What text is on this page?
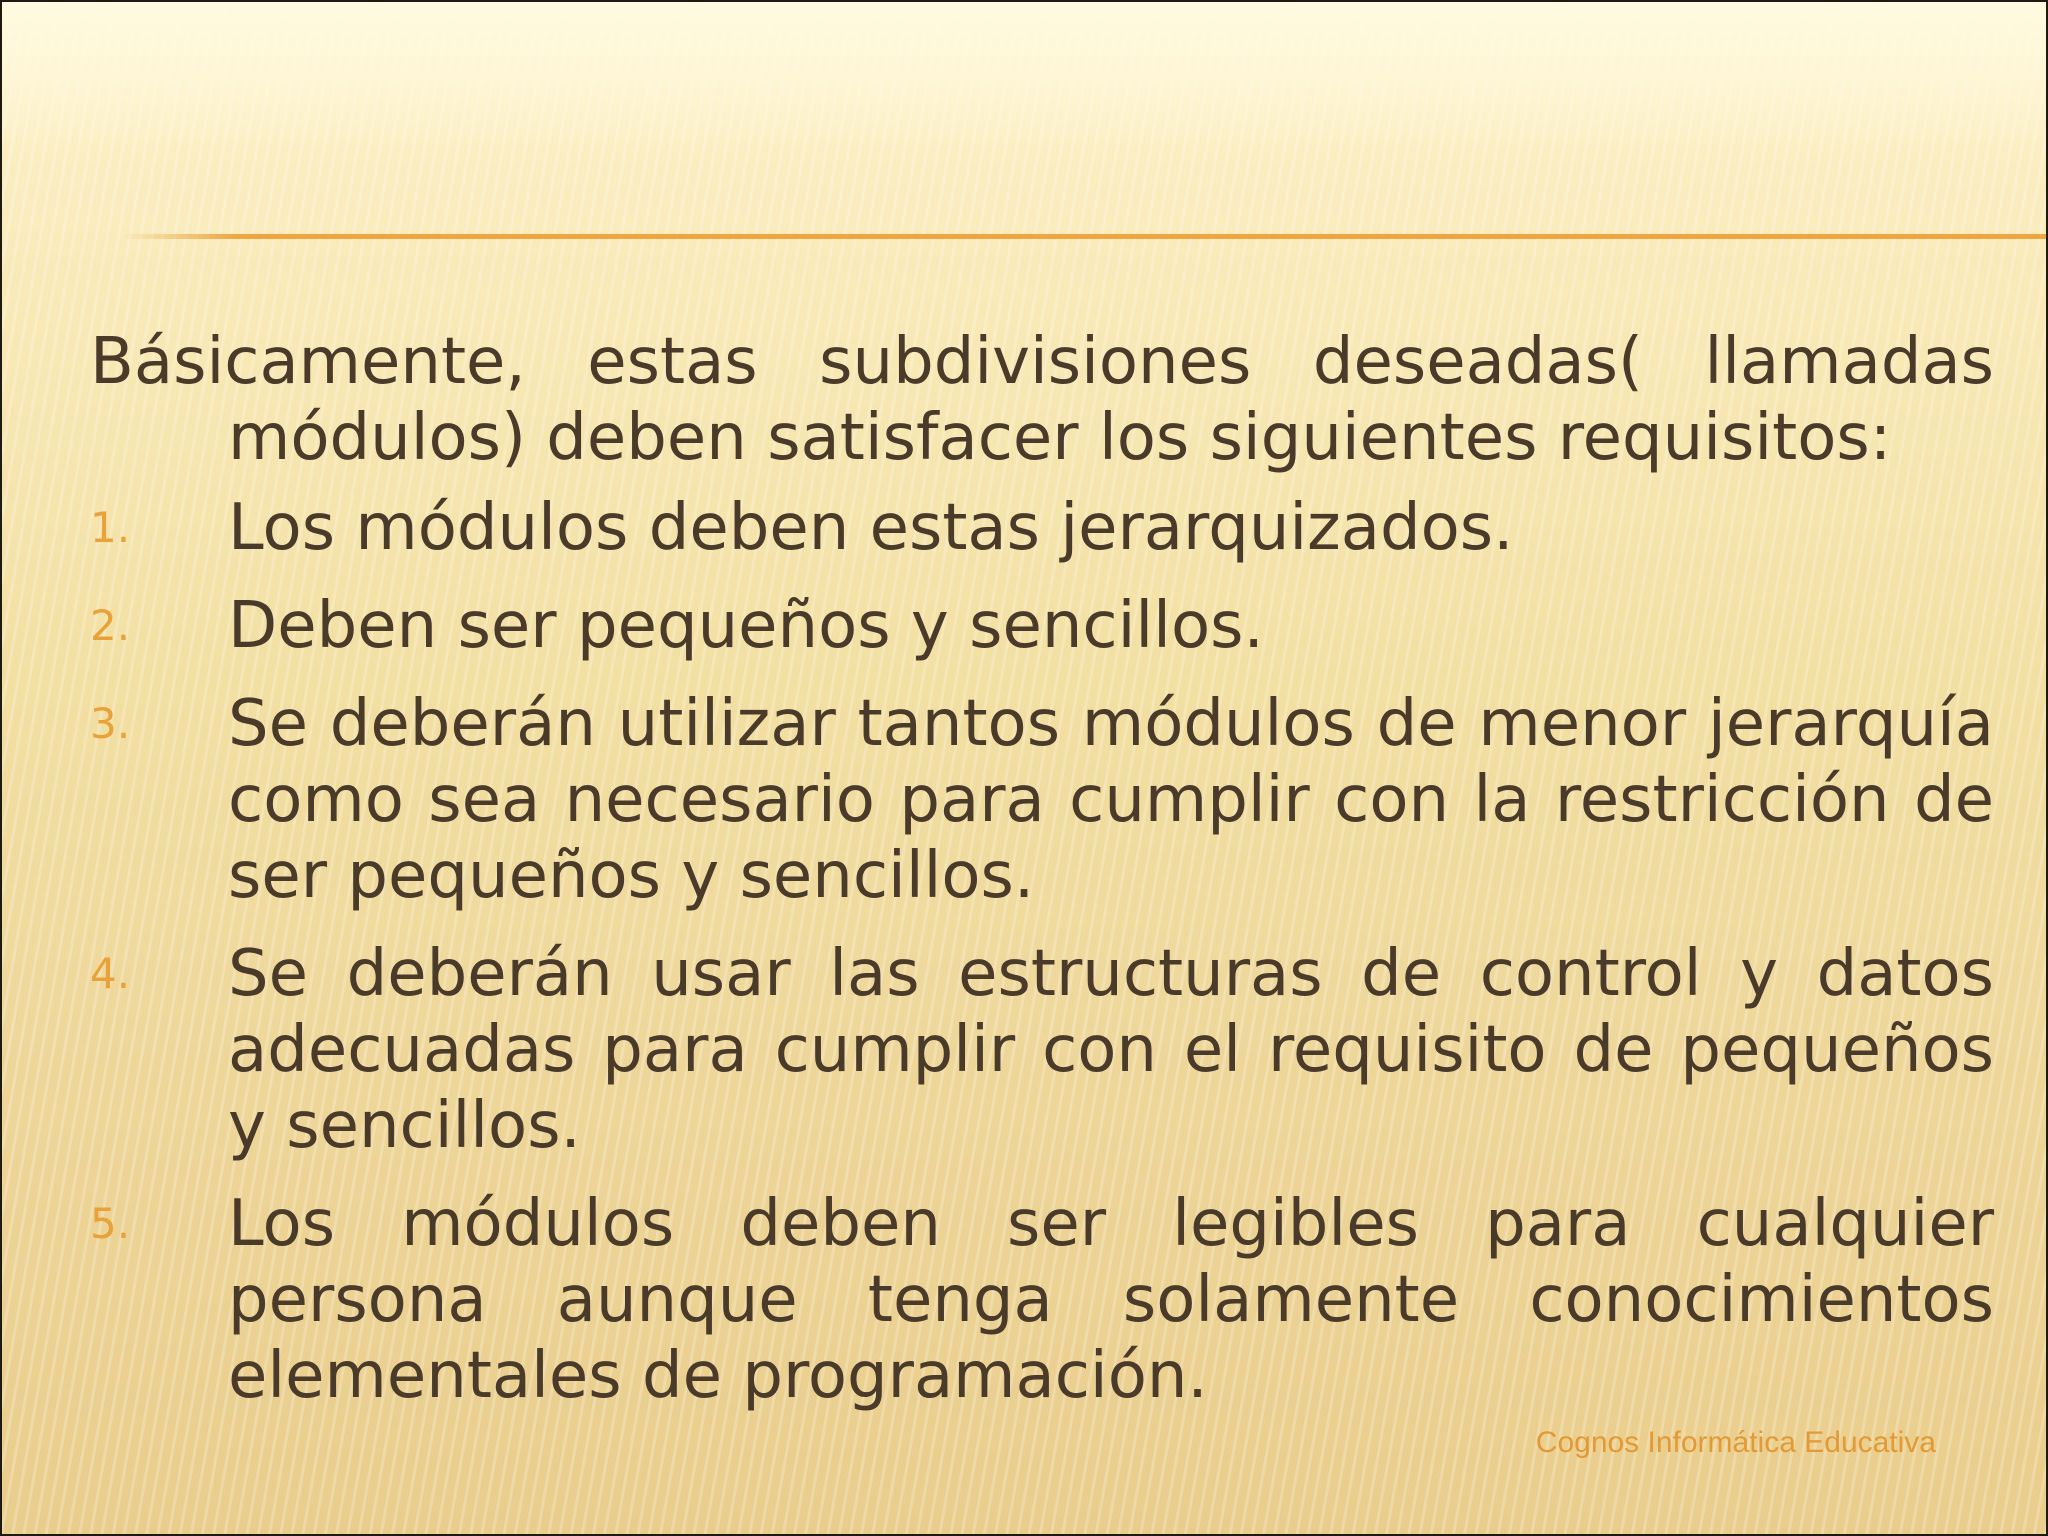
Básicamente, estas subdivisiones deseadas( llamadas módulos) deben satisfacer los siguientes requisitos:

1. Los módulos deben estas jerarquizados.
2. Deben ser pequeños y sencillos.
3. Se deberán utilizar tantos módulos de menor jerarquía como sea necesario para cumplir con la restricción de ser pequeños y sencillos.
4. Se deberán usar las estructuras de control y datos adecuadas para cumplir con el requisito de pequeños y sencillos.
5. Los módulos deben ser legibles para cualquier persona aunque tenga solamente conocimientos elementales de programación.
Cognos Informática Educativa
